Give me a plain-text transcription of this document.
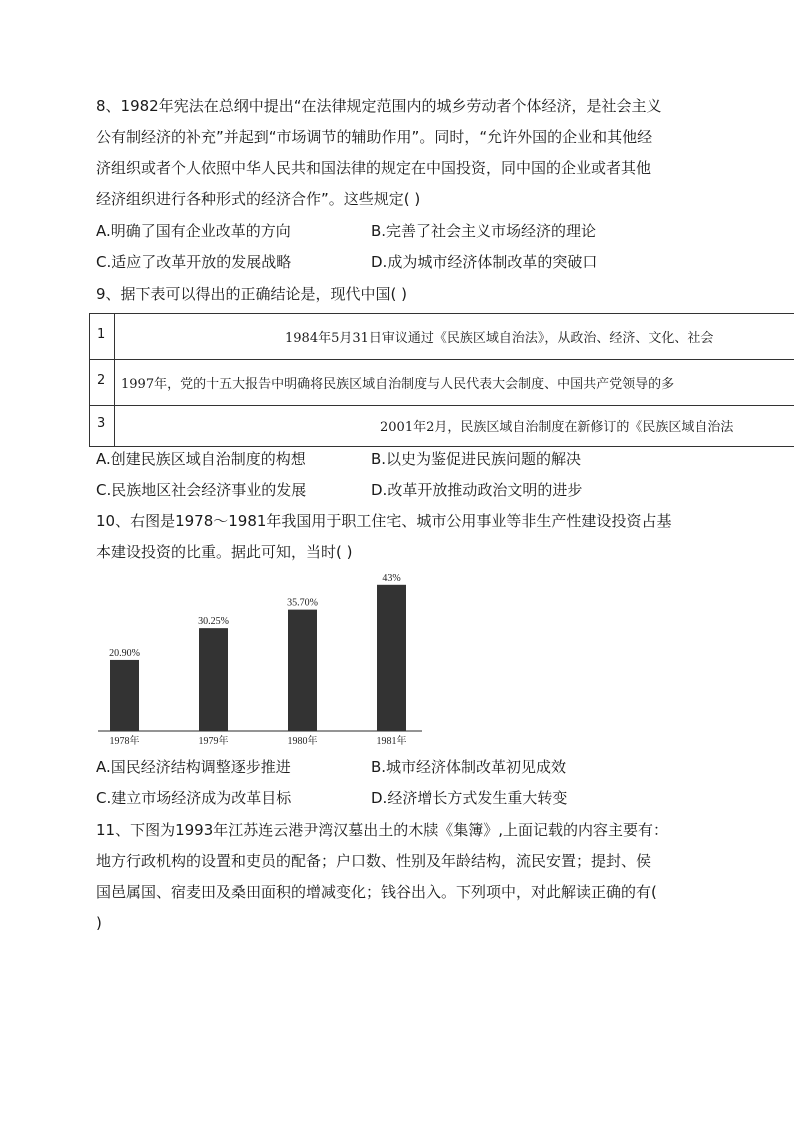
8、1982年宪法在总纲中提出“在法律规定范围内的城乡劳动者个体经济，是社会主义
公有制经济的补充”并起到“市场调节的辅助作用”。同时，“允许外国的企业和其他经
济组织或者个人依照中华人民共和国法律的规定在中国投资，同中国的企业或者其他
经济组织进行各种形式的经济合作”。这些规定( )
A.明确了国有企业改革的方向	B.完善了社会主义市场经济的理论
C.适应了改革开放的发展战略	D.成为城市经济体制改革的突破口
9、据下表可以得出的正确结论是，现代中国( )
1	1984年5月31日审议通过《民族区域自治法》，从政治、经济、文化、社会
2 1997年，党的十五大报告中明确将民族区域自治制度与人民代表大会制度、中国共产党领导的多
3	2001年2月，民族区域自治制度在新修订的《民族区域自治法
A.创建民族区域自治制度的构想	B.以史为鉴促进民族问题的解决
C.民族地区社会经济事业的发展	D.改革开放推动政治文明的进步
10、右图是1978～1981年我国用于职工住宅、城市公用事业等非生产性建设投资占基
本建设投资的比重。据此可知，当时( )
20.90%
1978年
30.25%
1979年
35.70%
1980年
43%
1981年
A.国民经济结构调整逐步推进	B.城市经济体制改革初见成效
C.建立市场经济成为改革目标	D.经济增长方式发生重大转变
11、下图为1993年江苏连云港尹湾汉墓出土的木牍《集簿》,上面记载的内容主要有：
地方行政机构的设置和吏员的配备；户口数、性别及年龄结构，流民安置；提封、侯
国邑属国、宿麦田及桑田面积的增减变化；钱谷出入。下列项中，对此解读正确的有(
)
